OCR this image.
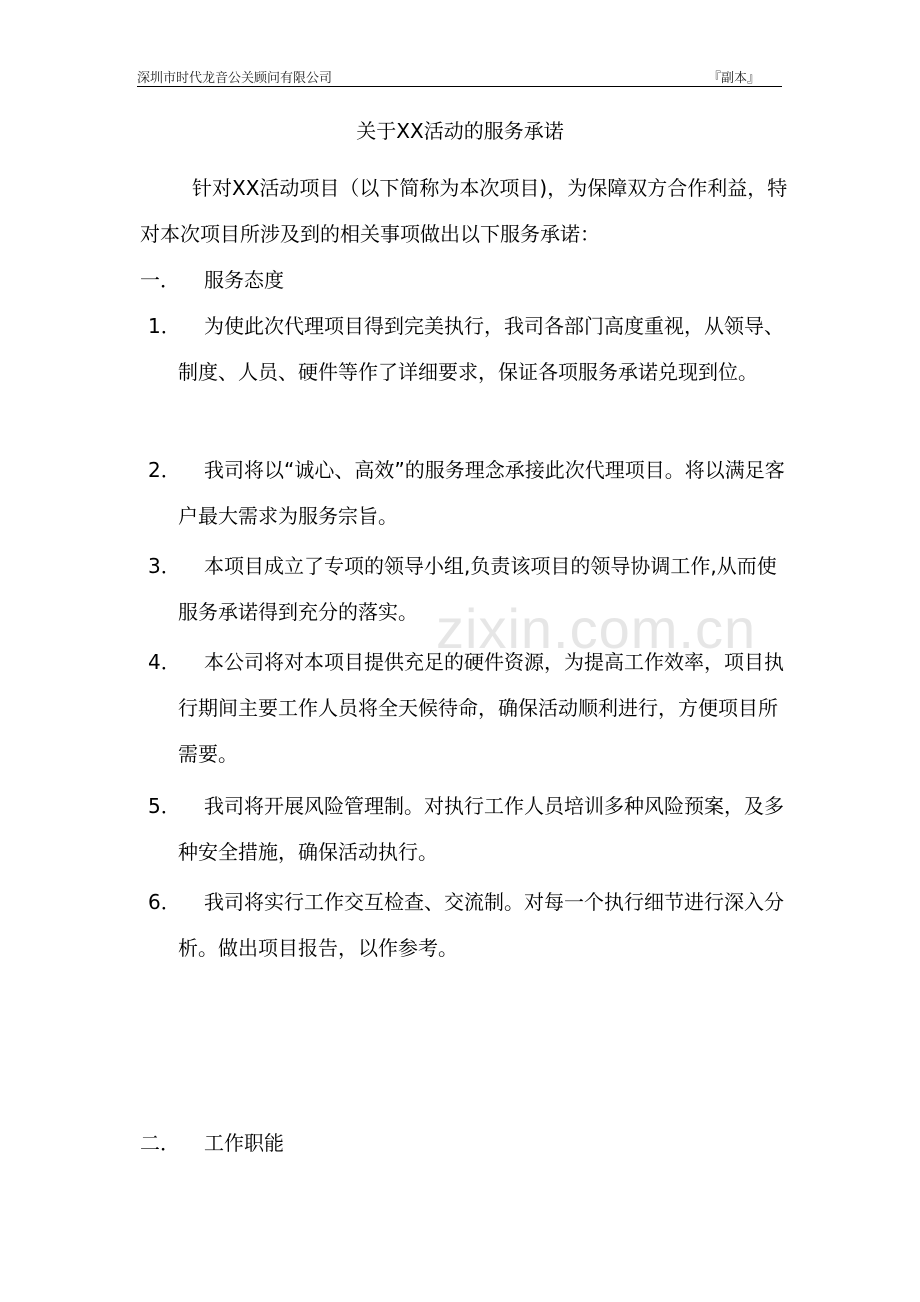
深圳市时代龙音公关顾问有限公司	『副本』
关于XX活动的服务承诺
针对XX活动项目（以下简称为本次项目)，为保障双方合作利益，特对本次项目所涉及到的相关事项做出以下服务承诺：
一． 服务态度
1．	为使此次代理项目得到完美执行，我司各部门高度重视，从领导、制度、人员、硬件等作了详细要求，保证各项服务承诺兑现到位。
2．	我司将以“诚心、高效”的服务理念承接此次代理项目。将以满足客户最大需求为服务宗旨。
3．	本项目成立了专项的领导小组,负责该项目的领导协调工作,从而使服务承诺得到充分的落实。
4．	本公司将对本项目提供充足的硬件资源，为提高工作效率，项目执行期间主要工作人员将全天候待命，确保活动顺利进行，方便项目所需要。
5．	我司将开展风险管理制。对执行工作人员培训多种风险预案，及多种安全措施，确保活动执行。
6．	我司将实行工作交互检查、交流制。对每一个执行细节进行深入分析。做出项目报告，以作参考。
二． 工作职能
zixin.com.cn
